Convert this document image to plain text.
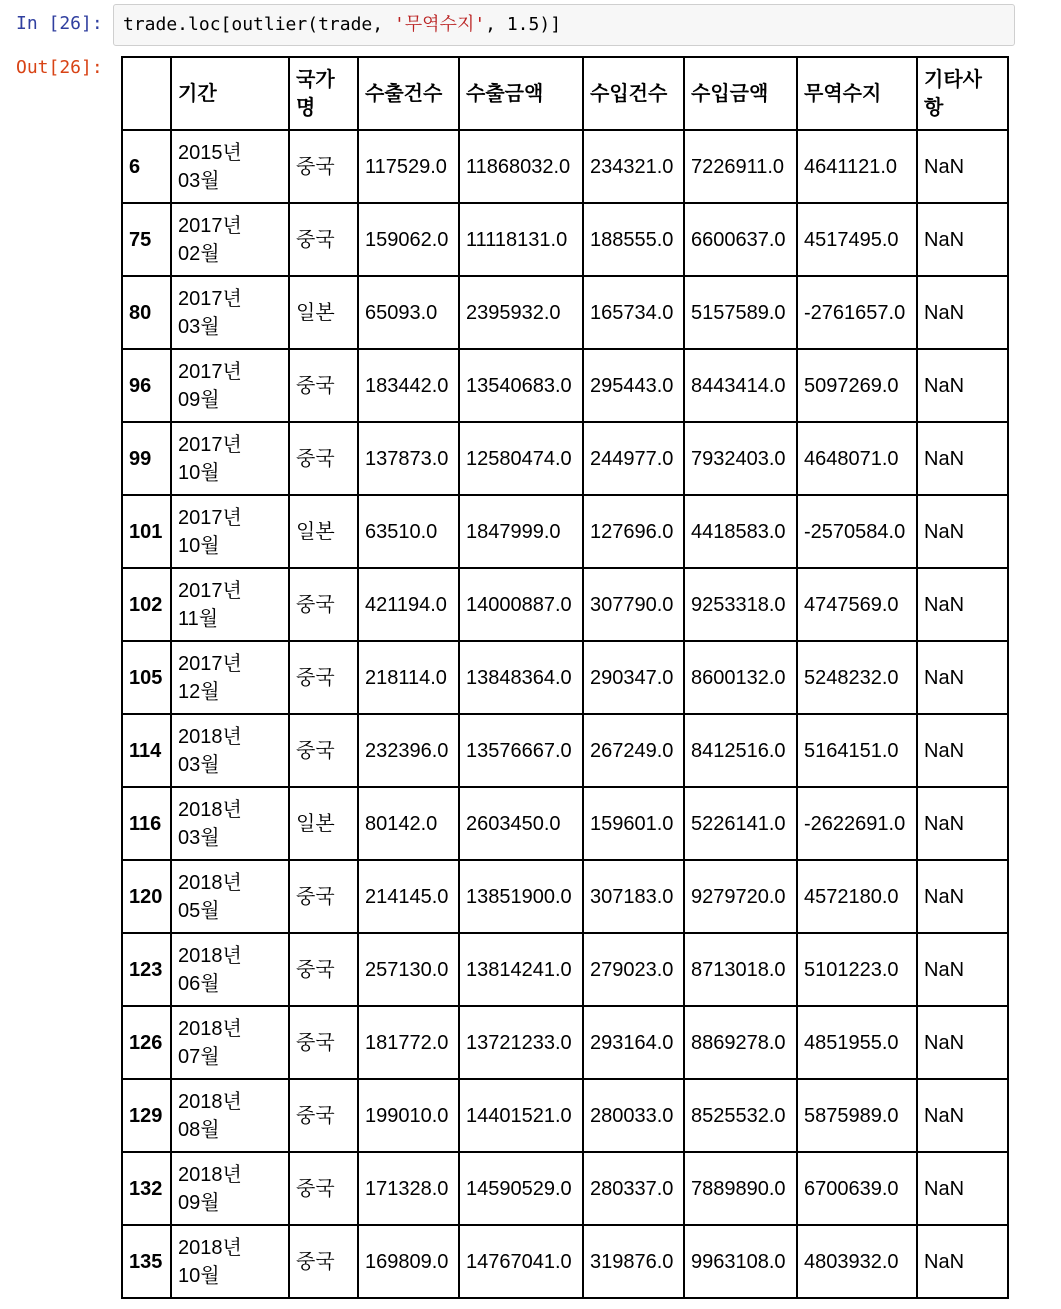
In [26]:	trade.loc[outlier(trade, '무역수지', 1.5)]
Out[26]:
	기간	국가명	수출건수	수출금액	수입건수	수입금액	무역수지	기타사항
6	2015년 03월	중국	117529.0	11868032.0	234321.0	7226911.0	4641121.0	NaN
75	2017년 02월	중국	159062.0	11118131.0	188555.0	6600637.0	4517495.0	NaN
80	2017년 03월	일본	65093.0	2395932.0	165734.0	5157589.0	-2761657.0	NaN
96	2017년 09월	중국	183442.0	13540683.0	295443.0	8443414.0	5097269.0	NaN
99	2017년 10월	중국	137873.0	12580474.0	244977.0	7932403.0	4648071.0	NaN
101	2017년 10월	일본	63510.0	1847999.0	127696.0	4418583.0	-2570584.0	NaN
102	2017년 11월	중국	421194.0	14000887.0	307790.0	9253318.0	4747569.0	NaN
105	2017년 12월	중국	218114.0	13848364.0	290347.0	8600132.0	5248232.0	NaN
114	2018년 03월	중국	232396.0	13576667.0	267249.0	8412516.0	5164151.0	NaN
116	2018년 03월	일본	80142.0	2603450.0	159601.0	5226141.0	-2622691.0	NaN
120	2018년 05월	중국	214145.0	13851900.0	307183.0	9279720.0	4572180.0	NaN
123	2018년 06월	중국	257130.0	13814241.0	279023.0	8713018.0	5101223.0	NaN
126	2018년 07월	중국	181772.0	13721233.0	293164.0	8869278.0	4851955.0	NaN
129	2018년 08월	중국	199010.0	14401521.0	280033.0	8525532.0	5875989.0	NaN
132	2018년 09월	중국	171328.0	14590529.0	280337.0	7889890.0	6700639.0	NaN
135	2018년 10월	중국	169809.0	14767041.0	319876.0	9963108.0	4803932.0	NaN
